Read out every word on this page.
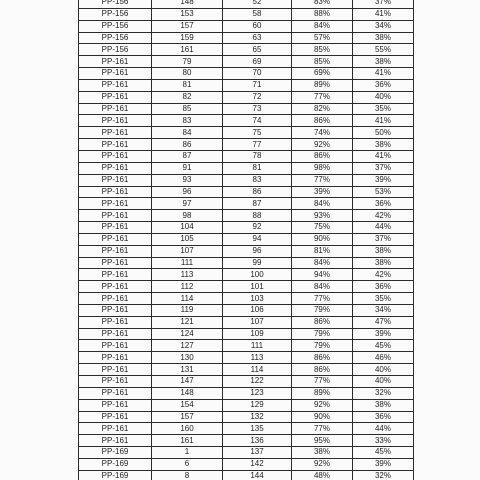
PP-156	148	52	83%	37%
PP-156	153	58	88%	41%
PP-156	157	60	84%	34%
PP-156	159	63	57%	38%
PP-156	161	65	85%	55%
PP-161	79	69	85%	38%
PP-161	80	70	69%	41%
PP-161	81	71	89%	36%
PP-161	82	72	77%	40%
PP-161	85	73	82%	35%
PP-161	83	74	86%	41%
PP-161	84	75	74%	50%
PP-161	86	77	92%	38%
PP-161	87	78	86%	41%
PP-161	91	81	98%	37%
PP-161	93	83	77%	39%
PP-161	96	86	39%	53%
PP-161	97	87	84%	36%
PP-161	98	88	93%	42%
PP-161	104	92	75%	44%
PP-161	105	94	90%	37%
PP-161	107	96	81%	38%
PP-161	111	99	84%	38%
PP-161	113	100	94%	42%
PP-161	112	101	84%	36%
PP-161	114	103	77%	35%
PP-161	119	106	79%	34%
PP-161	121	107	86%	47%
PP-161	124	109	79%	39%
PP-161	127	111	79%	45%
PP-161	130	113	86%	46%
PP-161	131	114	86%	40%
PP-161	147	122	77%	40%
PP-161	148	123	89%	32%
PP-161	154	129	92%	38%
PP-161	157	132	90%	36%
PP-161	160	135	77%	44%
PP-161	161	136	95%	33%
PP-169	1	137	38%	45%
PP-169	6	142	92%	39%
PP-169	8	144	48%	32%
